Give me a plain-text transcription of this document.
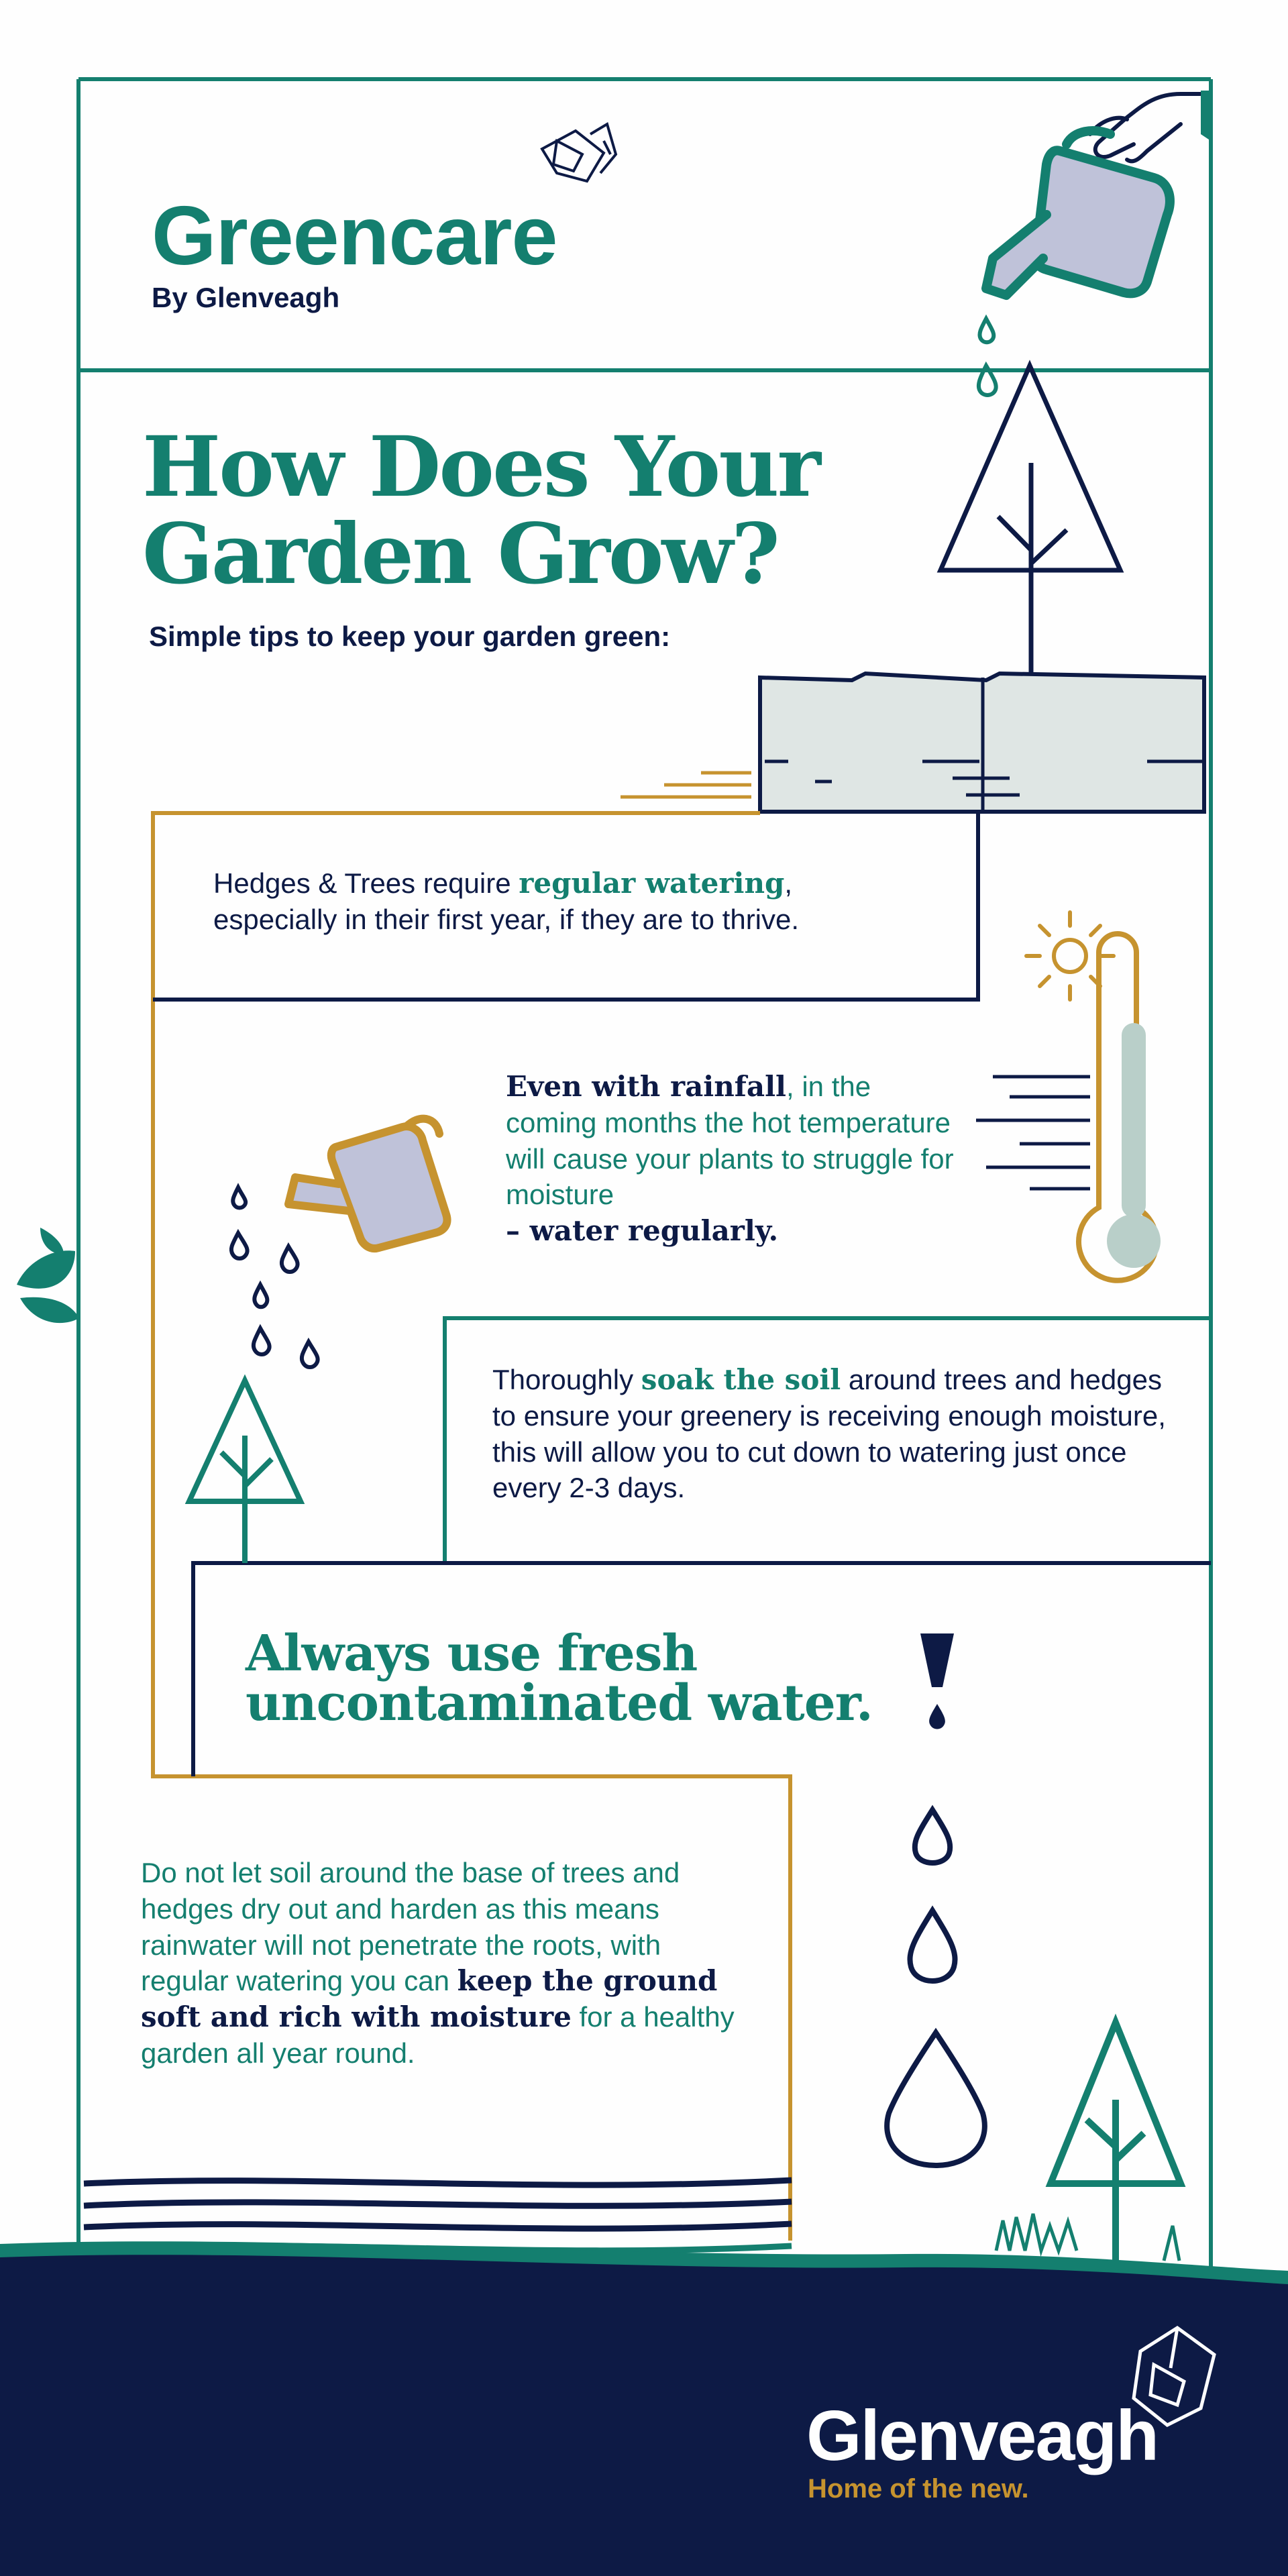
Greencare
By Glenveagh
How Does Your
Garden Grow?
Simple tips to keep your garden green:
Hedges & Trees require regular watering,
especially in their first year, if they are to thrive.
Even with rainfall, in the coming months the hot temperature will cause your plants to struggle for moisture
– water regularly.
Thoroughly soak the soil around trees and hedges to ensure your greenery is receiving enough moisture, this will allow you to cut down to watering just once every 2-3 days.
Always use fresh
uncontaminated water.
Do not let soil around the base of trees and hedges dry out and harden as this means rainwater will not penetrate the roots, with regular watering you can keep the ground soft and rich with moisture for a healthy garden all year round.
Glenveagh
Home of the new.
